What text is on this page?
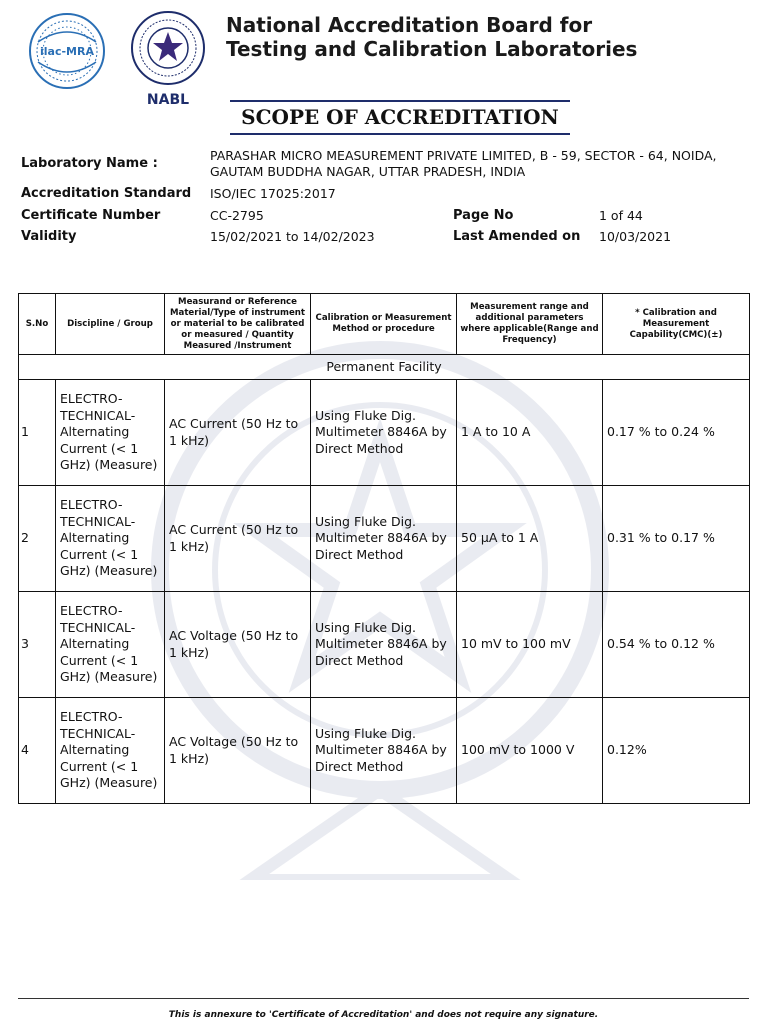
ilac-MRA
NABL
National Accreditation Board for
Testing and Calibration Laboratories
SCOPE OF ACCREDITATION
Laboratory Name :
PARASHAR MICRO MEASUREMENT PRIVATE LIMITED, B - 59, SECTOR - 64, NOIDA,
GAUTAM BUDDHA NAGAR, UTTAR PRADESH, INDIA
Accreditation Standard ISO/IEC 17025:2017
Certificate Number	CC-2795	Page No	1 of 44
Validity	15/02/2021 to 14/02/2023	Last Amended on 10/03/2021
S.No	Discipline / Group	Measurand or Reference Material/Type of instrument or material to be calibrated or measured / Quantity Measured /Instrument	Calibration or Measurement Method or procedure	Measurement range and additional parameters where applicable(Range and Frequency)	* Calibration and Measurement Capability(CMC)(±)
Permanent Facility					
1	ELECTRO-TECHNICAL-Alternating Current (< 1 GHz) (Measure)	AC Current (50 Hz to 1 kHz)	Using Fluke Dig. Multimeter 8846A by Direct Method	1 A to 10 A	0.17 % to 0.24 %
2	ELECTRO-TECHNICAL-Alternating Current (< 1 GHz) (Measure)	AC Current (50 Hz to 1 kHz)	Using Fluke Dig. Multimeter 8846A by Direct Method	50 µA to 1 A	0.31 % to 0.17 %
3	ELECTRO-TECHNICAL-Alternating Current (< 1 GHz) (Measure)	AC Voltage (50 Hz to 1 kHz)	Using Fluke Dig. Multimeter 8846A by Direct Method	10 mV to 100 mV	0.54 % to 0.12 %
4	ELECTRO-TECHNICAL-Alternating Current (< 1 GHz) (Measure)	AC Voltage (50 Hz to 1 kHz)	Using Fluke Dig. Multimeter 8846A by Direct Method	100 mV to 1000 V	0.12%
This is annexure to 'Certificate of Accreditation' and does not require any signature.
